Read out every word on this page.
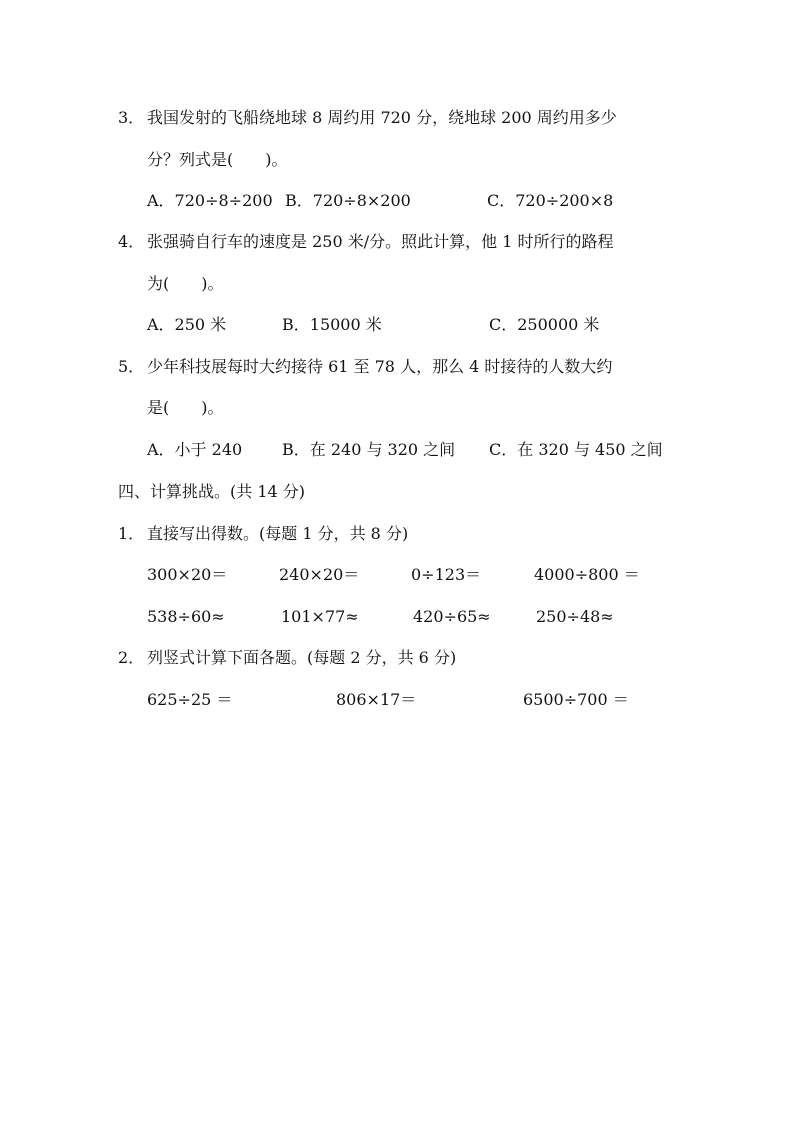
3． 我国发射的飞船绕地球 8 周约用 720 分，绕地球 200 周约用多少
分？列式是(　　)。
A．720÷8÷200 B．720÷8×200	C．720÷200×8
4． 张强骑自行车的速度是 250 米/分。照此计算，他 1 时所行的路程
为(　　)。
A．250 米	B．15000 米	C．250000 米
5． 少年科技展每时大约接待 61 至 78 人，那么 4 时接待的人数大约
是(　　)。
A．小于 240 B．在 240 与 320 之间 C．在 320 与 450 之间
四、计算挑战。(共 14 分)
1． 直接写出得数。(每题 1 分，共 8 分)
300×20＝	240×20＝	0÷123＝	4000÷800 ＝
538÷60≈	101×77≈	420÷65≈	250÷48≈
2． 列竖式计算下面各题。(每题 2 分，共 6 分)
625÷25 ＝	806×17＝	6500÷700 ＝
